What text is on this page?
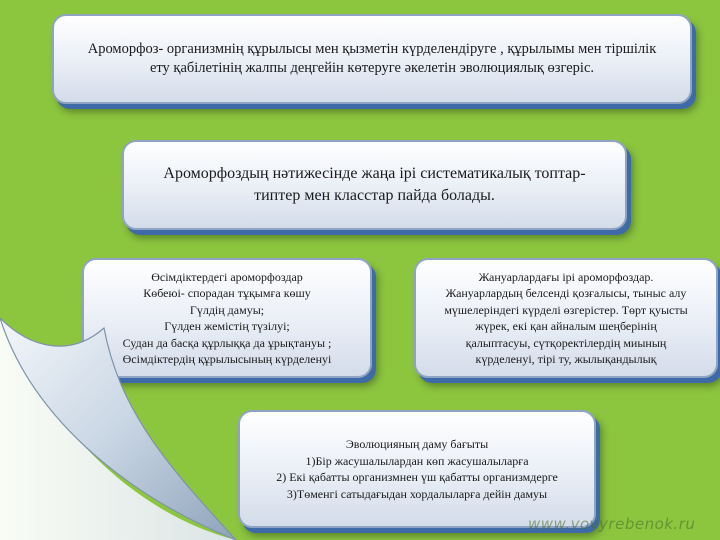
Ароморфоз- организмнің құрылысы мен қызметін күрделендіруге , құрылымы мен тіршілік
ету қабілетінің жалпы деңгейін көтеруге әкелетін эволюциялық өзгеріс.
Ароморфоздың нәтижесінде жаңа ірі систематикалық топтар-
типтер мен класстар пайда болады.
Өсімдіктердегі ароморфоздар
Көбеюі- спорадан тұқымға көшу
Гүлдің дамуы;
Гүлден жемістің түзілуі;
Судан да басқа құрлыққа да ұрықтануы ;
Өсімдіктердің құрылысының күрделенуі
Жануарлардағы ірі ароморфоздар.
Жануарлардың белсенді қозғалысы, тыныс алу
мүшелеріндегі күрделі өзгерістер. Төрт қуысты
жүрек, екі қан айналым шеңберінің
қалыптасуы, сүтқоректілердің миының
күрделенуі, тірі ту, жылықандылық
Эволюцияның даму бағыты
1)Бір жасушалылардан көп жасушалыларға
2) Екі қабатты организмнен үш қабатты организмдерге
3)Төменгі сатыдағыдан хордалыларға дейін дамуы
www.vovyrebenok.ru
